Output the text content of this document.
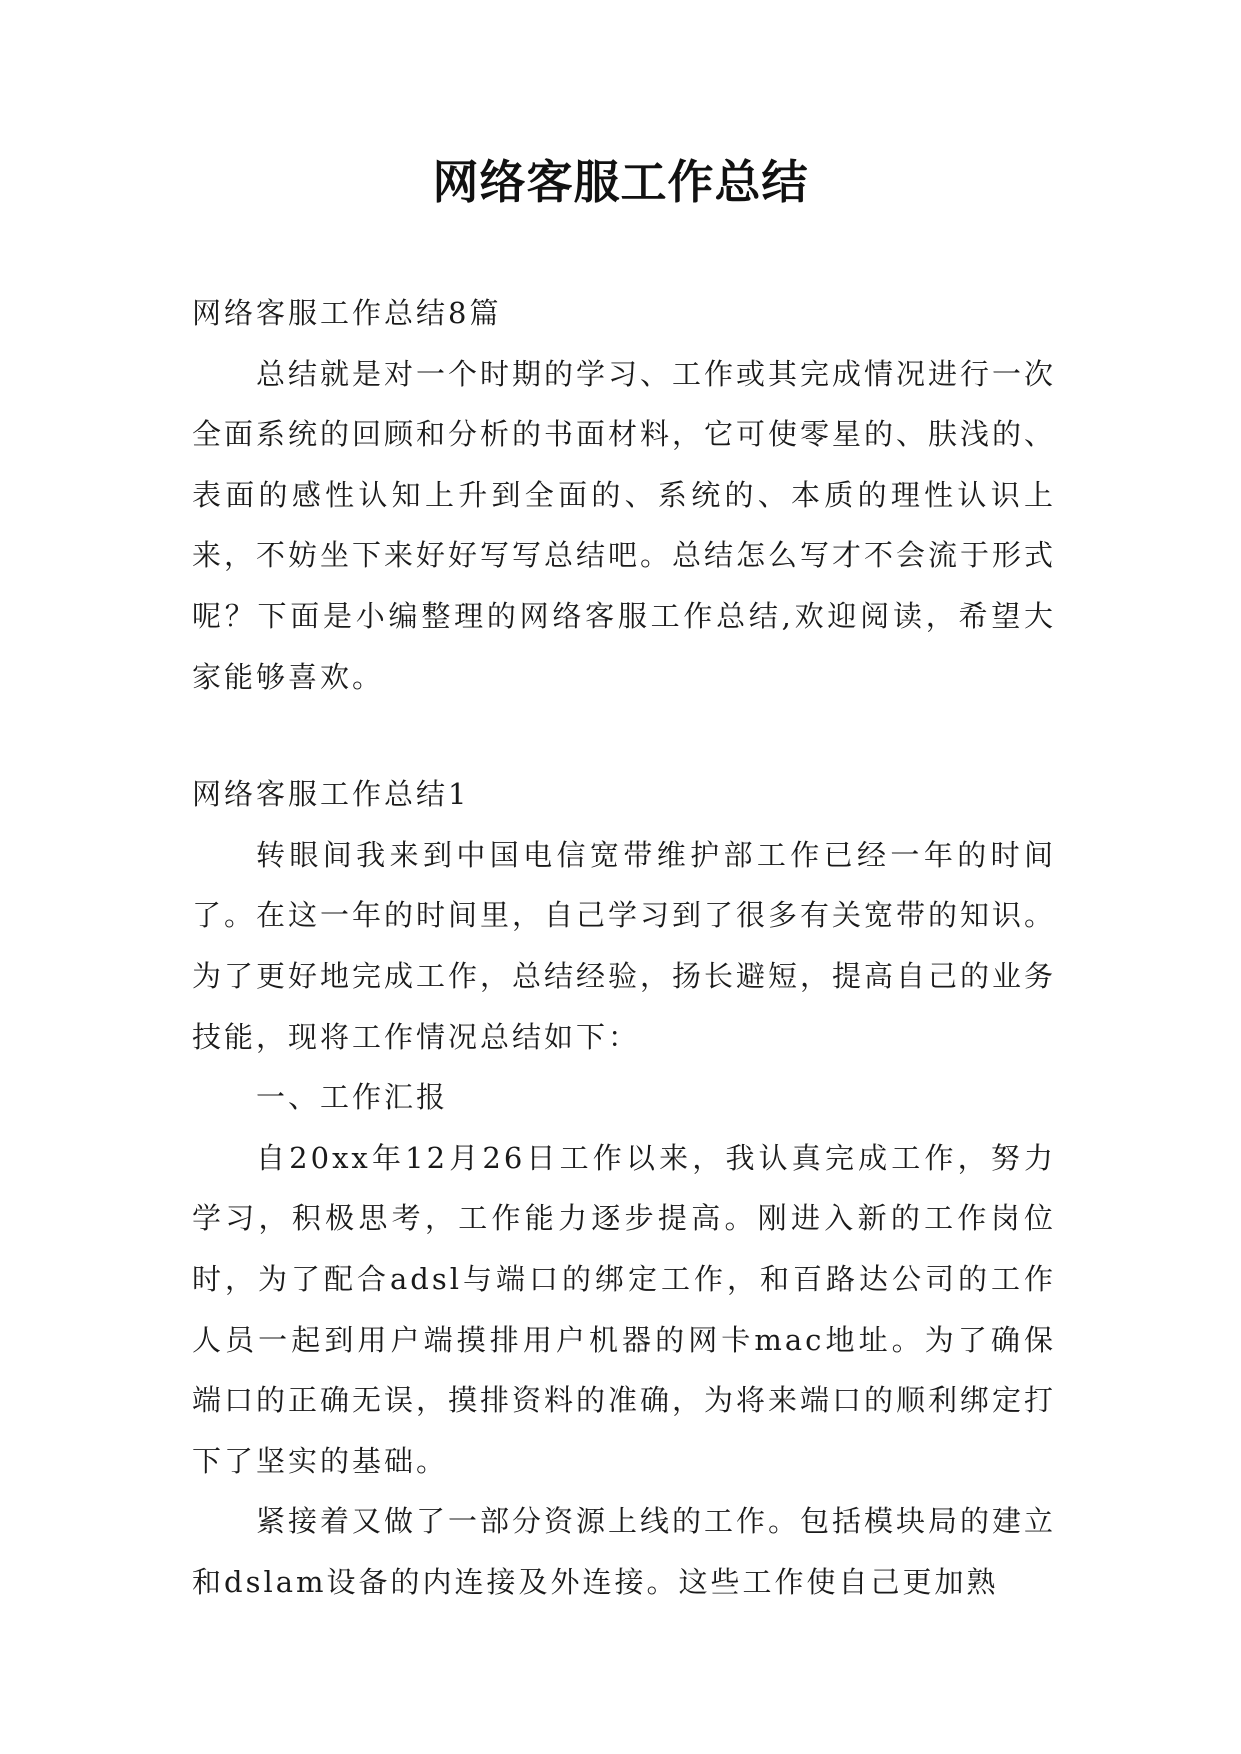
网络客服工作总结

网络客服工作总结8篇

总结就是对一个时期的学习、工作或其完成情况进行一次全面系统的回顾和分析的书面材料，它可使零星的、肤浅的、表面的感性认知上升到全面的、系统的、本质的理性认识上来，不妨坐下来好好写写总结吧。总结怎么写才不会流于形式呢？下面是小编整理的网络客服工作总结,欢迎阅读，希望大家能够喜欢。

网络客服工作总结1

转眼间我来到中国电信宽带维护部工作已经一年的时间了。在这一年的时间里，自己学习到了很多有关宽带的知识。为了更好地完成工作，总结经验，扬长避短，提高自己的业务技能，现将工作情况总结如下：

一、工作汇报

自20xx年12月26日工作以来，我认真完成工作，努力学习，积极思考，工作能力逐步提高。刚进入新的工作岗位时，为了配合adsl与端口的绑定工作，和百路达公司的工作人员一起到用户端摸排用户机器的网卡mac地址。为了确保端口的正确无误，摸排资料的准确，为将来端口的顺利绑定打下了坚实的基础。

紧接着又做了一部分资源上线的工作。包括模块局的建立和dslam设备的内连接及外连接。这些工作使自己更加熟
